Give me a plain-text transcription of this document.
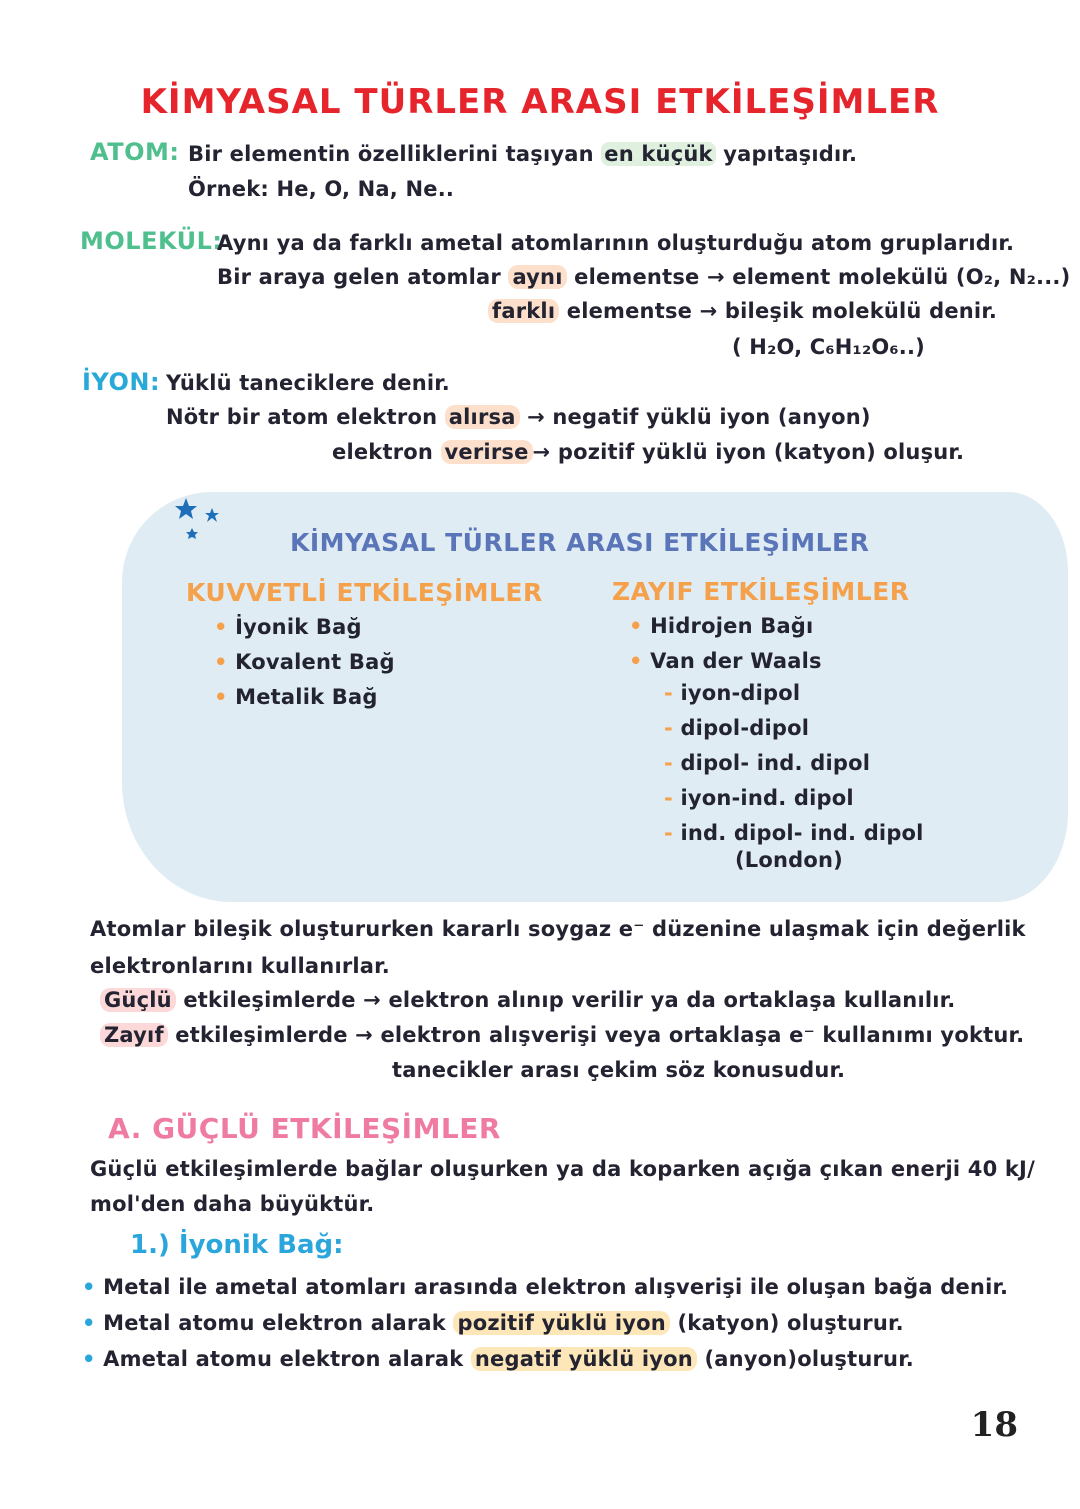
KİMYASAL TÜRLER ARASI ETKİLEŞİMLER
ATOM: Bir elementin özelliklerini taşıyan en küçük yapıtaşıdır.
Örnek: He, O, Na, Ne..
MOLEKÜL:
Aynı ya da farklı ametal atomlarının oluşturduğu atom gruplarıdır.
Bir araya gelen atomlar aynı elementse → element molekülü (O₂, N₂...)
farklı elementse → bileşik molekülü denir.
( H₂O, C₆H₁₂O₆..)
İYON: Yüklü taneciklere denir.
Nötr bir atom elektron alırsa → negatif yüklü iyon (anyon)
elektron verirse → pozitif yüklü iyon (katyon) oluşur.
KİMYASAL TÜRLER ARASI ETKİLEŞİMLER
KUVVETLİ ETKİLEŞİMLER
• İyonik Bağ
• Kovalent Bağ
• Metalik Bağ
ZAYIF ETKİLEŞİMLER
• Hidrojen Bağı
• Van der Waals
- iyon-dipol
- dipol-dipol
- dipol- ind. dipol
- iyon-ind. dipol
- ind. dipol- ind. dipol
(London)
Atomlar bileşik oluştururken kararlı soygaz e⁻ düzenine ulaşmak için değerlik
elektronlarını kullanırlar.
Güçlü etkileşimlerde → elektron alınıp verilir ya da ortaklaşa kullanılır.
Zayıf etkileşimlerde → elektron alışverişi veya ortaklaşa e⁻ kullanımı yoktur.
tanecikler arası çekim söz konusudur.
A. GÜÇLÜ ETKİLEŞİMLER
Güçlü etkileşimlerde bağlar oluşurken ya da koparken açığa çıkan enerji 40 kJ/
mol'den daha büyüktür.
1.) İyonik Bağ:
• Metal ile ametal atomları arasında elektron alışverişi ile oluşan bağa denir.
• Metal atomu elektron alarak pozitif yüklü iyon (katyon) oluşturur.
• Ametal atomu elektron alarak negatif yüklü iyon (anyon)oluşturur.
18
